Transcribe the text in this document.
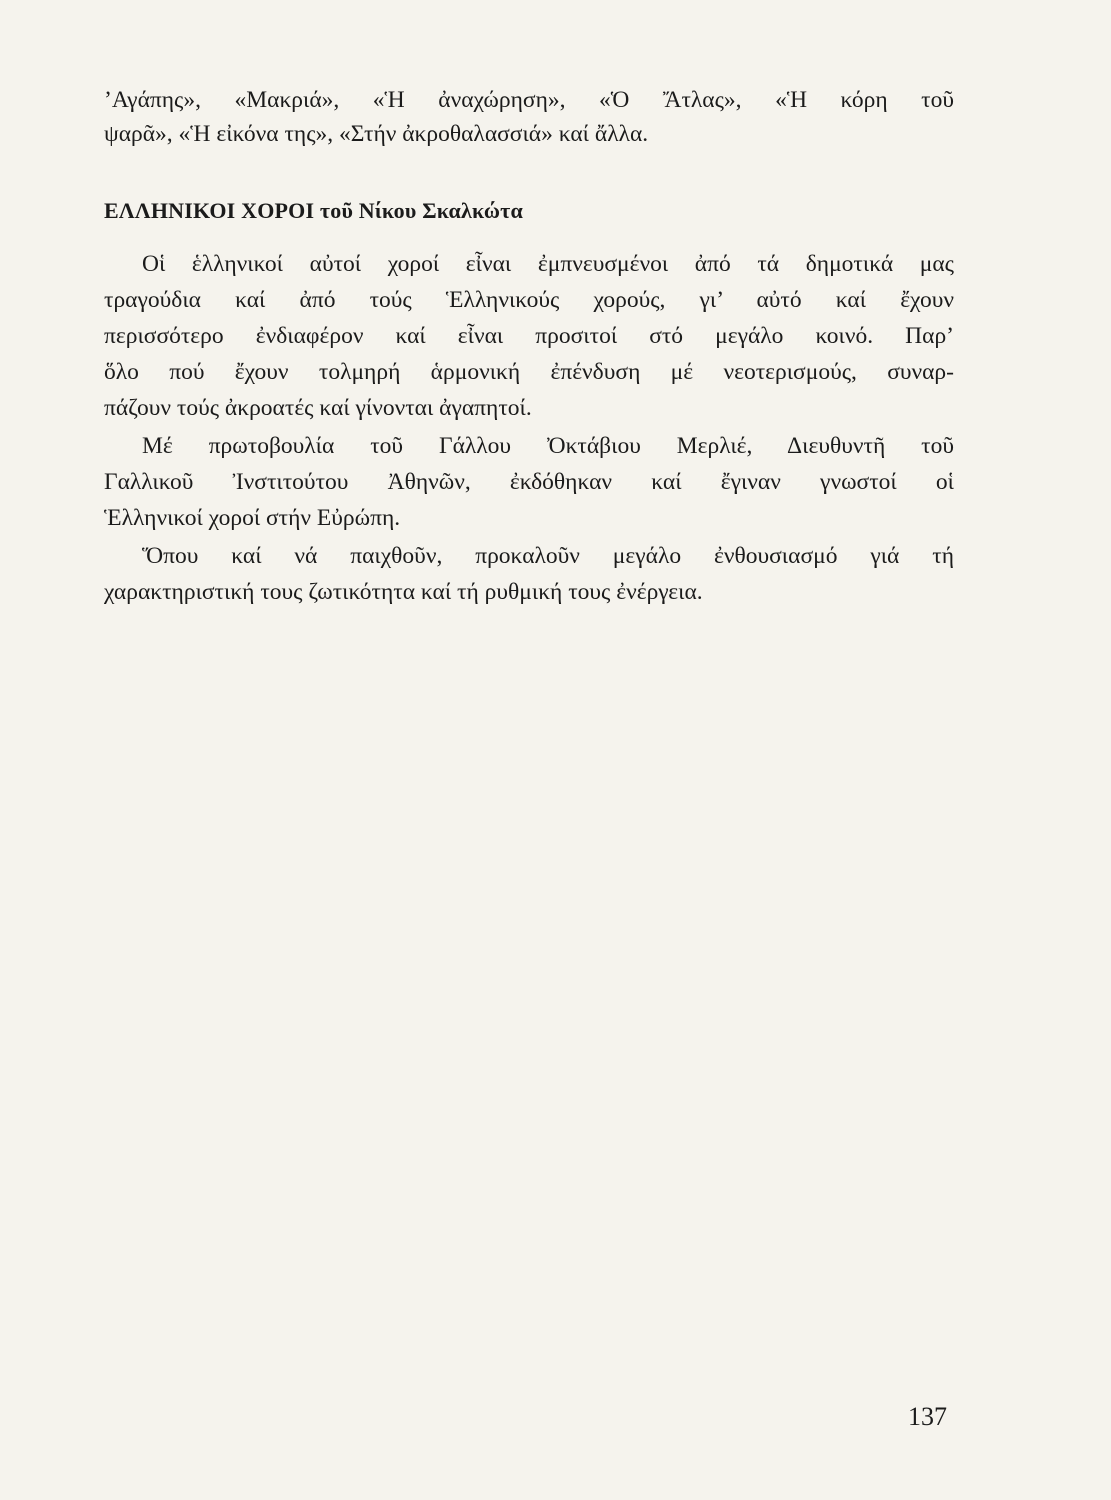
’Αγάπης», «Μακριά», «Ἡ ἀναχώρηση», «Ὁ Ἄτλας», «Ἡ κόρη τοῦ
ψαρᾶ», «Ἡ εἰκόνα της», «Στήν ἀκροθαλασσιά» καί ἄλλα.
ΕΛΛΗΝΙΚΟΙ ΧΟΡΟΙ τοῦ Νίκου Σκαλκώτα
Οἱ ἑλληνικοί αὐτοί χοροί εἶναι ἐμπνευσμένοι ἀπό τά δημοτικά μας
τραγούδια καί ἀπό τούς Ἑλληνικούς χορούς, γι’ αὐτό καί ἔχουν
περισσότερο ἐνδιαφέρον καί εἶναι προσιτοί στό μεγάλο κοινό. Παρ’
ὅλο πού ἔχουν τολμηρή ἁρμονική ἐπένδυση μέ νεοτερισμούς, συναρ-
πάζουν τούς ἀκροατές καί γίνονται ἀγαπητοί.
Μέ πρωτοβουλία τοῦ Γάλλου Ὀκτάβιου Μερλιέ, Διευθυντῆ τοῦ
Γαλλικοῦ Ἰνστιτούτου Ἀθηνῶν, ἐκδόθηκαν καί ἔγιναν γνωστοί οἱ
Ἑλληνικοί χοροί στήν Εὐρώπη.
Ὅπου καί νά παιχθοῦν, προκαλοῦν μεγάλο ἐνθουσιασμό γιά τή
χαρακτηριστική τους ζωτικότητα καί τή ρυθμική τους ἐνέργεια.
137
